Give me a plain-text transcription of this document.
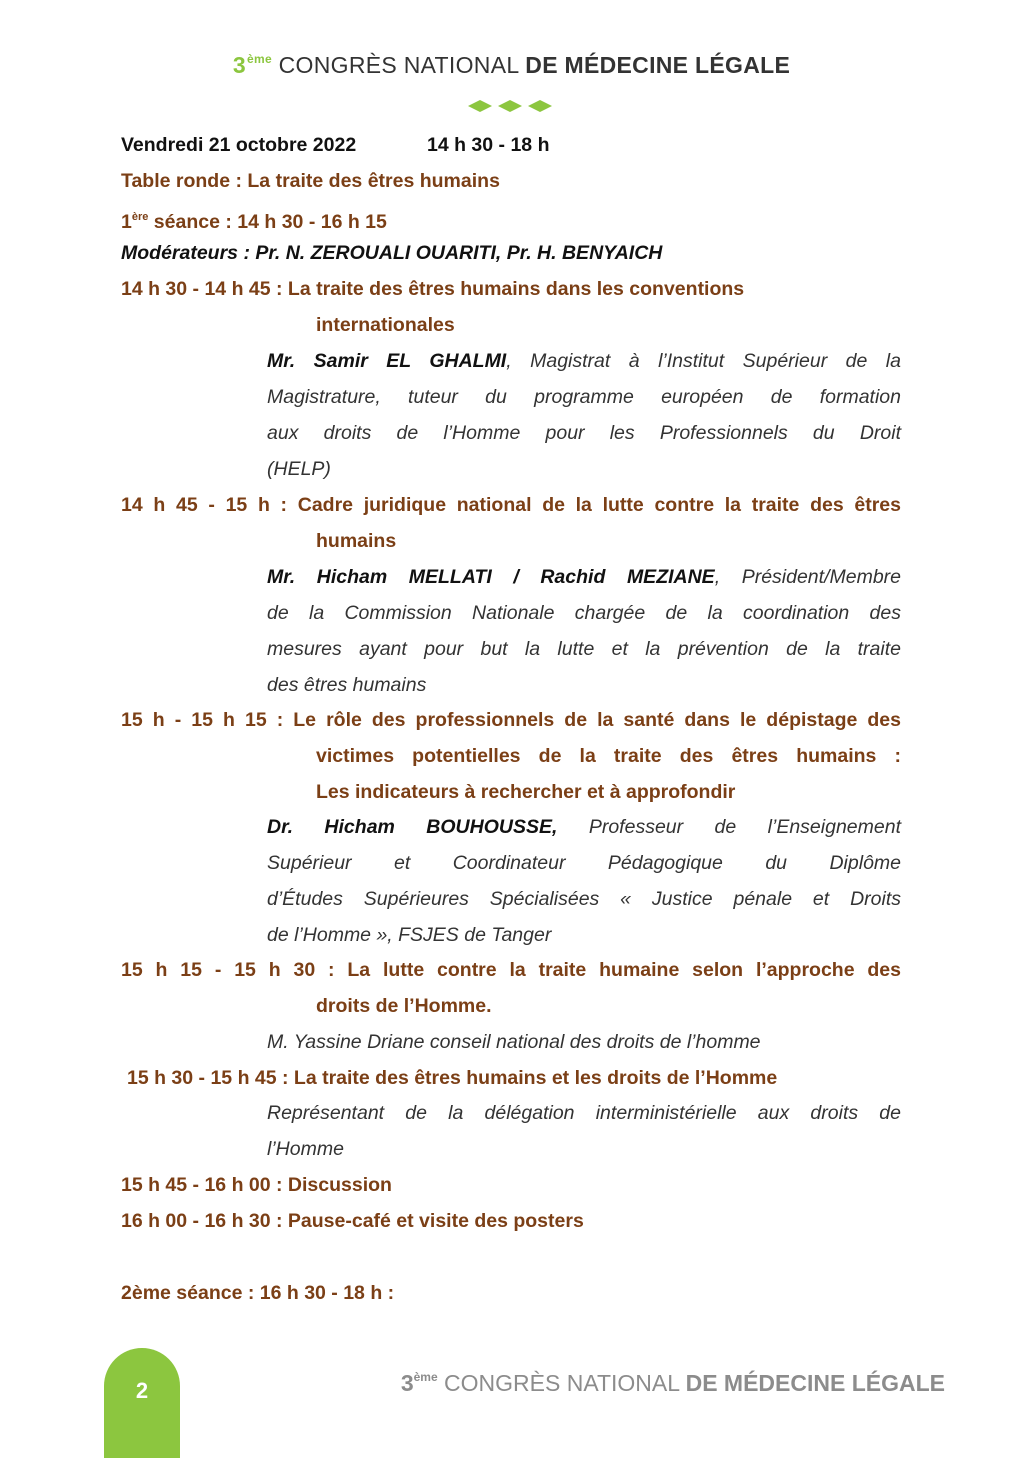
3ème CONGRÈS NATIONAL DE MÉDECINE LÉGALE
Vendredi 21 octobre 2022	14 h 30 - 18 h
Table ronde : La traite des êtres humains
1ère séance : 14 h 30 - 16 h 15
Modérateurs : Pr. N. ZEROUALI OUARITI, Pr. H. BENYAICH
14 h 30 - 14 h 45 : La traite des êtres humains dans les conventions
internationales
Mr. Samir EL GHALMI, Magistrat à l’Institut Supérieur de la
Magistrature, tuteur du programme européen de formation
aux droits de l’Homme pour les Professionnels du Droit
(HELP)
14 h 45 - 15 h : Cadre juridique national de la lutte contre la traite des êtres
humains
Mr. Hicham MELLATI / Rachid MEZIANE, Président/Membre
de la Commission Nationale chargée de la coordination des
mesures ayant pour but la lutte et la prévention de la traite
des êtres humains
15 h - 15 h 15 : Le rôle des professionnels de la santé dans le dépistage des
victimes potentielles de la traite des êtres humains :
Les indicateurs à rechercher et à approfondir
Dr. Hicham BOUHOUSSE, Professeur de l’Enseignement
Supérieur et Coordinateur Pédagogique du Diplôme
d’Études Supérieures Spécialisées « Justice pénale et Droits
de l’Homme », FSJES de Tanger
15 h 15 - 15 h 30 : La lutte contre la traite humaine selon l’approche des
droits de l’Homme.
M. Yassine Driane conseil national des droits de l’homme
15 h 30 - 15 h 45 : La traite des êtres humains et les droits de l’Homme
Représentant de la délégation interministérielle aux droits de
l’Homme
15 h 45 - 16 h 00 : Discussion
16 h 00 - 16 h 30 : Pause-café et visite des posters
2ème séance : 16 h 30 - 18 h :
2	3ème CONGRÈS NATIONAL DE MÉDECINE LÉGALE
